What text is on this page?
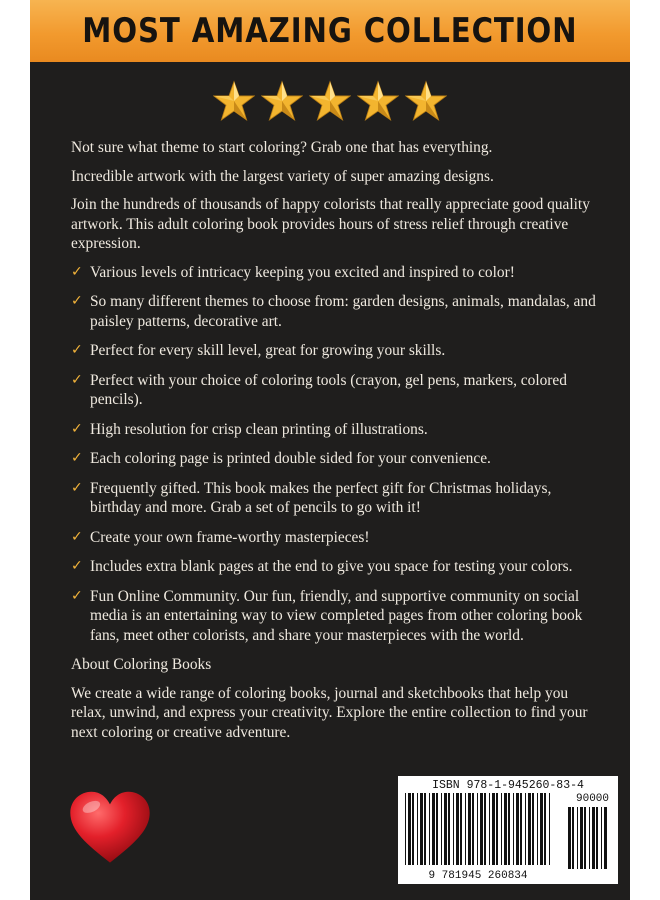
MOST AMAZING COLLECTION

Not sure what theme to start coloring? Grab one that has everything.

Incredible artwork with the largest variety of super amazing designs.

Join the hundreds of thousands of happy colorists that really appreciate good quality artwork. This adult coloring book provides hours of stress relief through creative expression.

✓ Various levels of intricacy keeping you excited and inspired to color!
✓ So many different themes to choose from: garden designs, animals, mandalas, and paisley patterns, decorative art.
✓ Perfect for every skill level, great for growing your skills.
✓ Perfect with your choice of coloring tools (crayon, gel pens, markers, colored pencils).
✓ High resolution for crisp clean printing of illustrations.
✓ Each coloring page is printed double sided for your convenience.
✓ Frequently gifted. This book makes the perfect gift for Christmas holidays, birthday and more. Grab a set of pencils to go with it!
✓ Create your own frame-worthy masterpieces!
✓ Includes extra blank pages at the end to give you space for testing your colors.
✓ Fun Online Community. Our fun, friendly, and supportive community on social media is an entertaining way to view completed pages from other coloring book fans, meet other colorists, and share your masterpieces with the world.

About Coloring Books

We create a wide range of coloring books, journal and sketchbooks that help you relax, unwind, and express your creativity. Explore the entire collection to find your next coloring or creative adventure.

ISBN 978-1-945260-83-4
90000
9 781945 260834
